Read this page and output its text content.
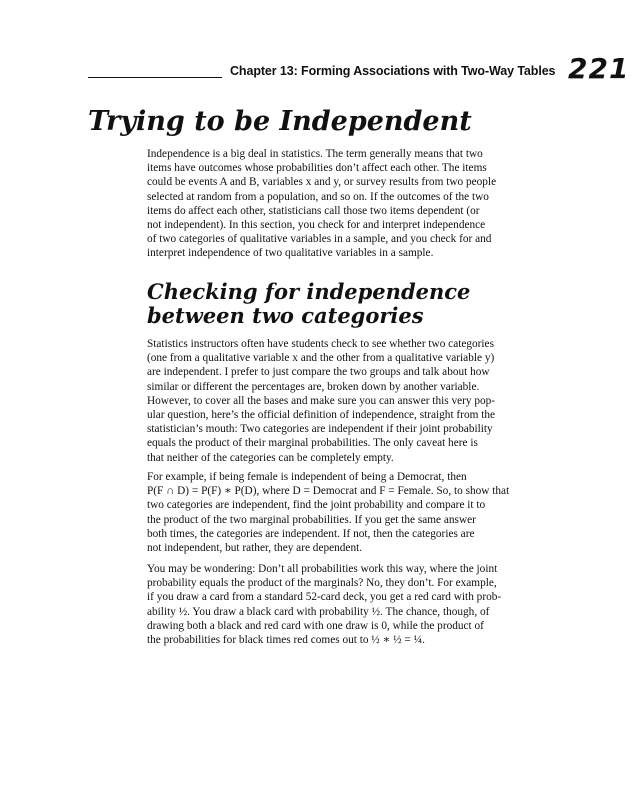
Chapter 13: Forming Associations with Two-Way Tables 221
Trying to be Independent
Independence is a big deal in statistics. The term generally means that two
items have outcomes whose probabilities don’t affect each other. The items
could be events A and B, variables x and y, or survey results from two people
selected at random from a population, and so on. If the outcomes of the two
items do affect each other, statisticians call those two items dependent (or
not independent). In this section, you check for and interpret independence
of two categories of qualitative variables in a sample, and you check for and
interpret independence of two qualitative variables in a sample.
Checking for independence
between two categories
Statistics instructors often have students check to see whether two categories
(one from a qualitative variable x and the other from a qualitative variable y)
are independent. I prefer to just compare the two groups and talk about how
similar or different the percentages are, broken down by another variable.
However, to cover all the bases and make sure you can answer this very pop-
ular question, here’s the official definition of independence, straight from the
statistician’s mouth: Two categories are independent if their joint probability
equals the product of their marginal probabilities. The only caveat here is
that neither of the categories can be completely empty.
For example, if being female is independent of being a Democrat, then
P(F ∩ D) = P(F) ∗ P(D), where D = Democrat and F = Female. So, to show that
two categories are independent, find the joint probability and compare it to
the product of the two marginal probabilities. If you get the same answer
both times, the categories are independent. If not, then the categories are
not independent, but rather, they are dependent.
You may be wondering: Don’t all probabilities work this way, where the joint
probability equals the product of the marginals? No, they don’t. For example,
if you draw a card from a standard 52-card deck, you get a red card with prob-
ability ½. You draw a black card with probability ½. The chance, though, of
drawing both a black and red card with one draw is 0, while the product of
the probabilities for black times red comes out to ½ ∗ ½ = ¼.
